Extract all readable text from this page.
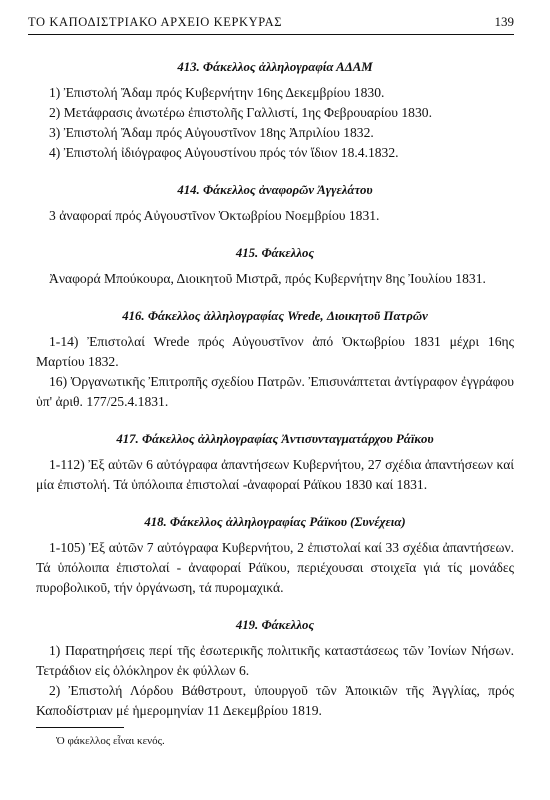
ΤΟ ΚΑΠΟΔΙΣΤΡΙΑΚΟ ΑΡΧΕΙΟ ΚΕΡΚΥΡΑΣ	139
413. Φάκελλος ἀλληλογραφία ΑΔΑΜ

1) Ἐπιστολή Ἄδαμ πρός Κυβερνήτην 16ης Δεκεμβρίου 1830.

2) Μετάφρασις ἀνωτέρω ἐπιστολῆς Γαλλιστί, 1ης Φεβρουαρίου 1830.

3) Ἐπιστολή Ἄδαμ πρός Αὐγουστῖνον 18ης Ἀπριλίου 1832.

4) Ἐπιστολή ἰδιόγραφος Αὐγουστίνου πρός τόν ἴδιον 18.4.1832.

414. Φάκελλος ἀναφορῶν Ἀγγελάτου

3 ἀναφοραί πρός Αὐγουστῖνον Ὀκτωβρίου Νοεμβρίου 1831.

415. Φάκελλος

Ἀναφορά Μπούκουρα, Διοικητοῦ Μιστρᾶ, πρός Κυβερνήτην 8ης Ἰουλίου 1831.

416. Φάκελλος ἀλληλογραφίας Wrede, Διοικητοῦ Πατρῶν

1-14) Ἐπιστολαί Wrede πρός Αὐγουστῖνον ἀπό Ὀκτωβρίου 1831 μέχρι 16ης Μαρτίου 1832.

16) Ὀργανωτικῆς Ἐπιτροπῆς σχεδίου Πατρῶν. Ἐπισυνάπτεται ἀντίγραφον ἐγγράφου ὑπ' ἀριθ. 177/25.4.1831.

417. Φάκελλος ἀλληλογραφίας Ἀντισυνταγματάρχου Ράϊκου

1-112) Ἐξ αὐτῶν 6 αὐτόγραφα ἀπαντήσεων Κυβερνήτου, 27 σχέδια ἀπαντήσεων καί μία ἐπιστολή. Τά ὑπόλοιπα ἐπιστολαί -ἀναφοραί Ράϊκου 1830 καί 1831.

418. Φάκελλος ἀλληλογραφίας Ράϊκου (Συνέχεια)

1-105) Ἐξ αὐτῶν 7 αὐτόγραφα Κυβερνήτου, 2 ἐπιστολαί καί 33 σχέδια ἀπαντήσεων. Τά ὑπόλοιπα ἐπιστολαί - ἀναφοραί Ράϊκου, περιέχουσαι στοιχεῖα γιά τίς μονάδες πυροβολικοῦ, τήν ὀργάνωση, τά πυρομαχικά.

419. Φάκελλος

1) Παρατηρήσεις περί τῆς ἐσωτερικῆς πολιτικῆς καταστάσεως τῶν Ἰονίων Νήσων. Τετράδιον εἰς ὁλόκληρον ἐκ φύλλων 6.

2) Ἐπιστολή Λόρδου Βάθστρουτ, ὑπουργοῦ τῶν Ἀποικιῶν τῆς Ἀγγλίας, πρός Καποδίστριαν μέ ἡμερομηνίαν 11 Δεκεμβρίου 1819.

Ὁ φάκελλος εἶναι κενός.
